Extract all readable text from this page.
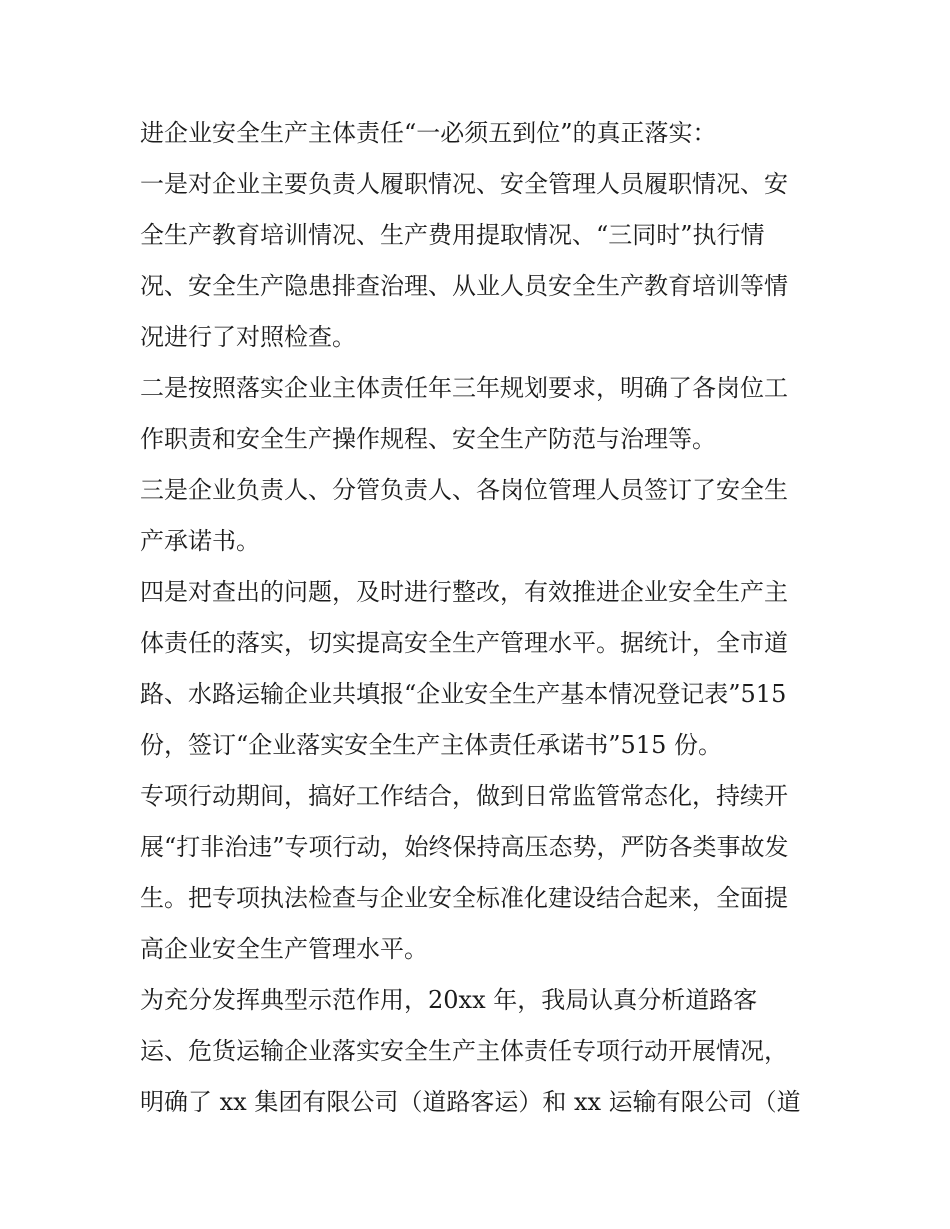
进企业安全生产主体责任“一必须五到位”的真正落实：
一是对企业主要负责人履职情况、安全管理人员履职情况、安
全生产教育培训情况、生产费用提取情况、“三同时”执行情
况、安全生产隐患排查治理、从业人员安全生产教育培训等情
况进行了对照检查。
二是按照落实企业主体责任年三年规划要求，明确了各岗位工
作职责和安全生产操作规程、安全生产防范与治理等。
三是企业负责人、分管负责人、各岗位管理人员签订了安全生
产承诺书。
四是对查出的问题，及时进行整改，有效推进企业安全生产主
体责任的落实，切实提高安全生产管理水平。据统计，全市道
路、水路运输企业共填报“企业安全生产基本情况登记表”515
份，签订“企业落实安全生产主体责任承诺书”515 份。
专项行动期间，搞好工作结合，做到日常监管常态化，持续开
展“打非治违”专项行动，始终保持高压态势，严防各类事故发
生。把专项执法检查与企业安全标准化建设结合起来，全面提
高企业安全生产管理水平。
为充分发挥典型示范作用，20xx 年，我局认真分析道路客
运、危货运输企业落实安全生产主体责任专项行动开展情况，
明确了 xx 集团有限公司（道路客运）和 xx 运输有限公司（道
